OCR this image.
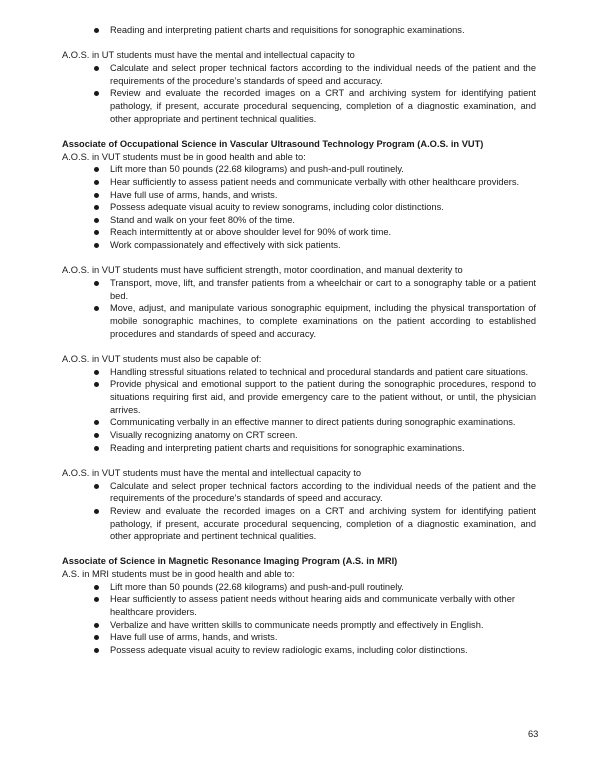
Reading and interpreting patient charts and requisitions for sonographic examinations.

A.O.S. in UT students must have the mental and intellectual capacity to

Calculate and select proper technical factors according to the individual needs of the patient and the requirements of the procedure’s standards of speed and accuracy.
Review and evaluate the recorded images on a CRT and archiving system for identifying patient pathology, if present, accurate procedural sequencing, completion of a diagnostic examination, and other appropriate and pertinent technical qualities.

Associate of Occupational Science in Vascular Ultrasound Technology Program (A.O.S. in VUT)

A.O.S. in VUT students must be in good health and able to:

Lift more than 50 pounds (22.68 kilograms) and push-and-pull routinely.
Hear sufficiently to assess patient needs and communicate verbally with other healthcare providers.
Have full use of arms, hands, and wrists.
Possess adequate visual acuity to review sonograms, including color distinctions.
Stand and walk on your feet 80% of the time.
Reach intermittently at or above shoulder level for 90% of work time.
Work compassionately and effectively with sick patients.

A.O.S. in VUT students must have sufficient strength, motor coordination, and manual dexterity to

Transport, move, lift, and transfer patients from a wheelchair or cart to a sonography table or a patient bed.
Move, adjust, and manipulate various sonographic equipment, including the physical transportation of mobile sonographic machines, to complete examinations on the patient according to established procedures and standards of speed and accuracy.

A.O.S. in VUT students must also be capable of:

Handling stressful situations related to technical and procedural standards and patient care situations.
Provide physical and emotional support to the patient during the sonographic procedures, respond to situations requiring first aid, and provide emergency care to the patient without, or until, the physician arrives.
Communicating verbally in an effective manner to direct patients during sonographic examinations.
Visually recognizing anatomy on CRT screen.
Reading and interpreting patient charts and requisitions for sonographic examinations.

A.O.S. in VUT students must have the mental and intellectual capacity to

Calculate and select proper technical factors according to the individual needs of the patient and the requirements of the procedure’s standards of speed and accuracy.
Review and evaluate the recorded images on a CRT and archiving system for identifying patient pathology, if present, accurate procedural sequencing, completion of a diagnostic examination, and other appropriate and pertinent technical qualities.

Associate of Science in Magnetic Resonance Imaging Program (A.S. in MRI)

A.S. in MRI students must be in good health and able to:

Lift more than 50 pounds (22.68 kilograms) and push-and-pull routinely.
Hear sufficiently to assess patient needs without hearing aids and communicate verbally with other healthcare providers.
Verbalize and have written skills to communicate needs promptly and effectively in English.
Have full use of arms, hands, and wrists.
Possess adequate visual acuity to review radiologic exams, including color distinctions.
63
